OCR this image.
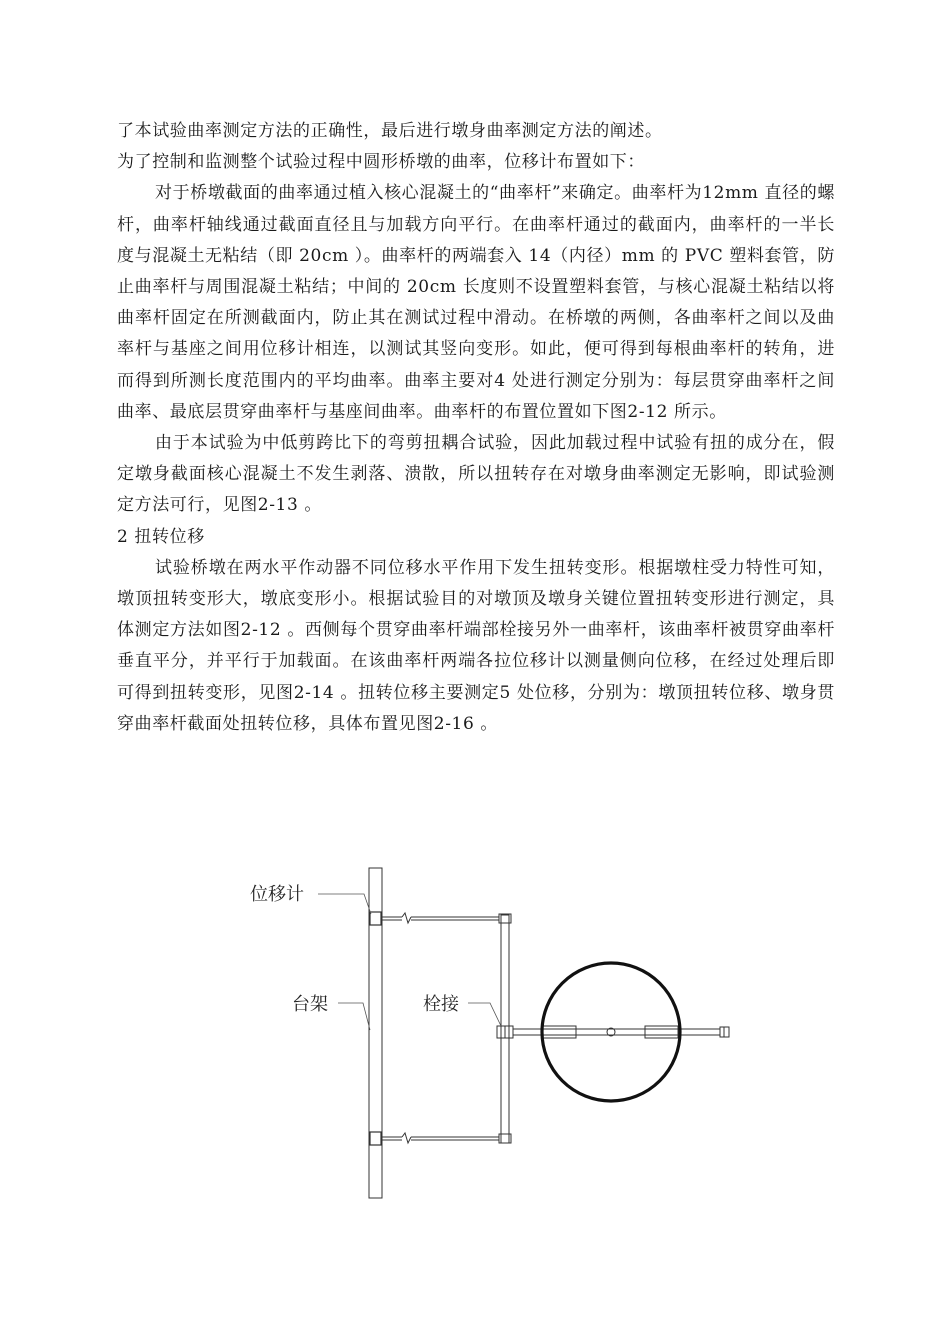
了本试验曲率测定方法的正确性，最后进行墩身曲率测定方法的阐述。

为了控制和监测整个试验过程中圆形桥墩的曲率，位移计布置如下：

对于桥墩截面的曲率通过植入核心混凝土的“曲率杆”来确定。曲率杆为12mm 直径的螺杆，曲率杆轴线通过截面直径且与加载方向平行。在曲率杆通过的截面内，曲率杆的一半长度与混凝土无粘结（即 20cm ）。曲率杆的两端套入 14（内径）mm 的 PVC 塑料套管，防止曲率杆与周围混凝土粘结；中间的 20cm 长度则不设置塑料套管，与核心混凝土粘结以将曲率杆固定在所测截面内，防止其在测试过程中滑动。在桥墩的两侧，各曲率杆之间以及曲率杆与基座之间用位移计相连，以测试其竖向变形。如此，便可得到每根曲率杆的转角，进而得到所测长度范围内的平均曲率。曲率主要对4 处进行测定分别为：每层贯穿曲率杆之间曲率、最底层贯穿曲率杆与基座间曲率。曲率杆的布置位置如下图2-12 所示。

由于本试验为中低剪跨比下的弯剪扭耦合试验，因此加载过程中试验有扭的成分在，假定墩身截面核心混凝土不发生剥落、溃散，所以扭转存在对墩身曲率测定无影响，即试验测定方法可行，见图2-13 。

2 扭转位移

试验桥墩在两水平作动器不同位移水平作用下发生扭转变形。根据墩柱受力特性可知，墩顶扭转变形大，墩底变形小。根据试验目的对墩顶及墩身关键位置扭转变形进行测定，具体测定方法如图2-12 。西侧每个贯穿曲率杆端部栓接另外一曲率杆，该曲率杆被贯穿曲率杆垂直平分，并平行于加载面。在该曲率杆两端各拉位移计以测量侧向位移，在经过处理后即可得到扭转变形，见图2-14 。扭转位移主要测定5 处位移，分别为：墩顶扭转位移、墩身贯穿曲率杆截面处扭转位移，具体布置见图2-16 。

位移计
台架	栓接
